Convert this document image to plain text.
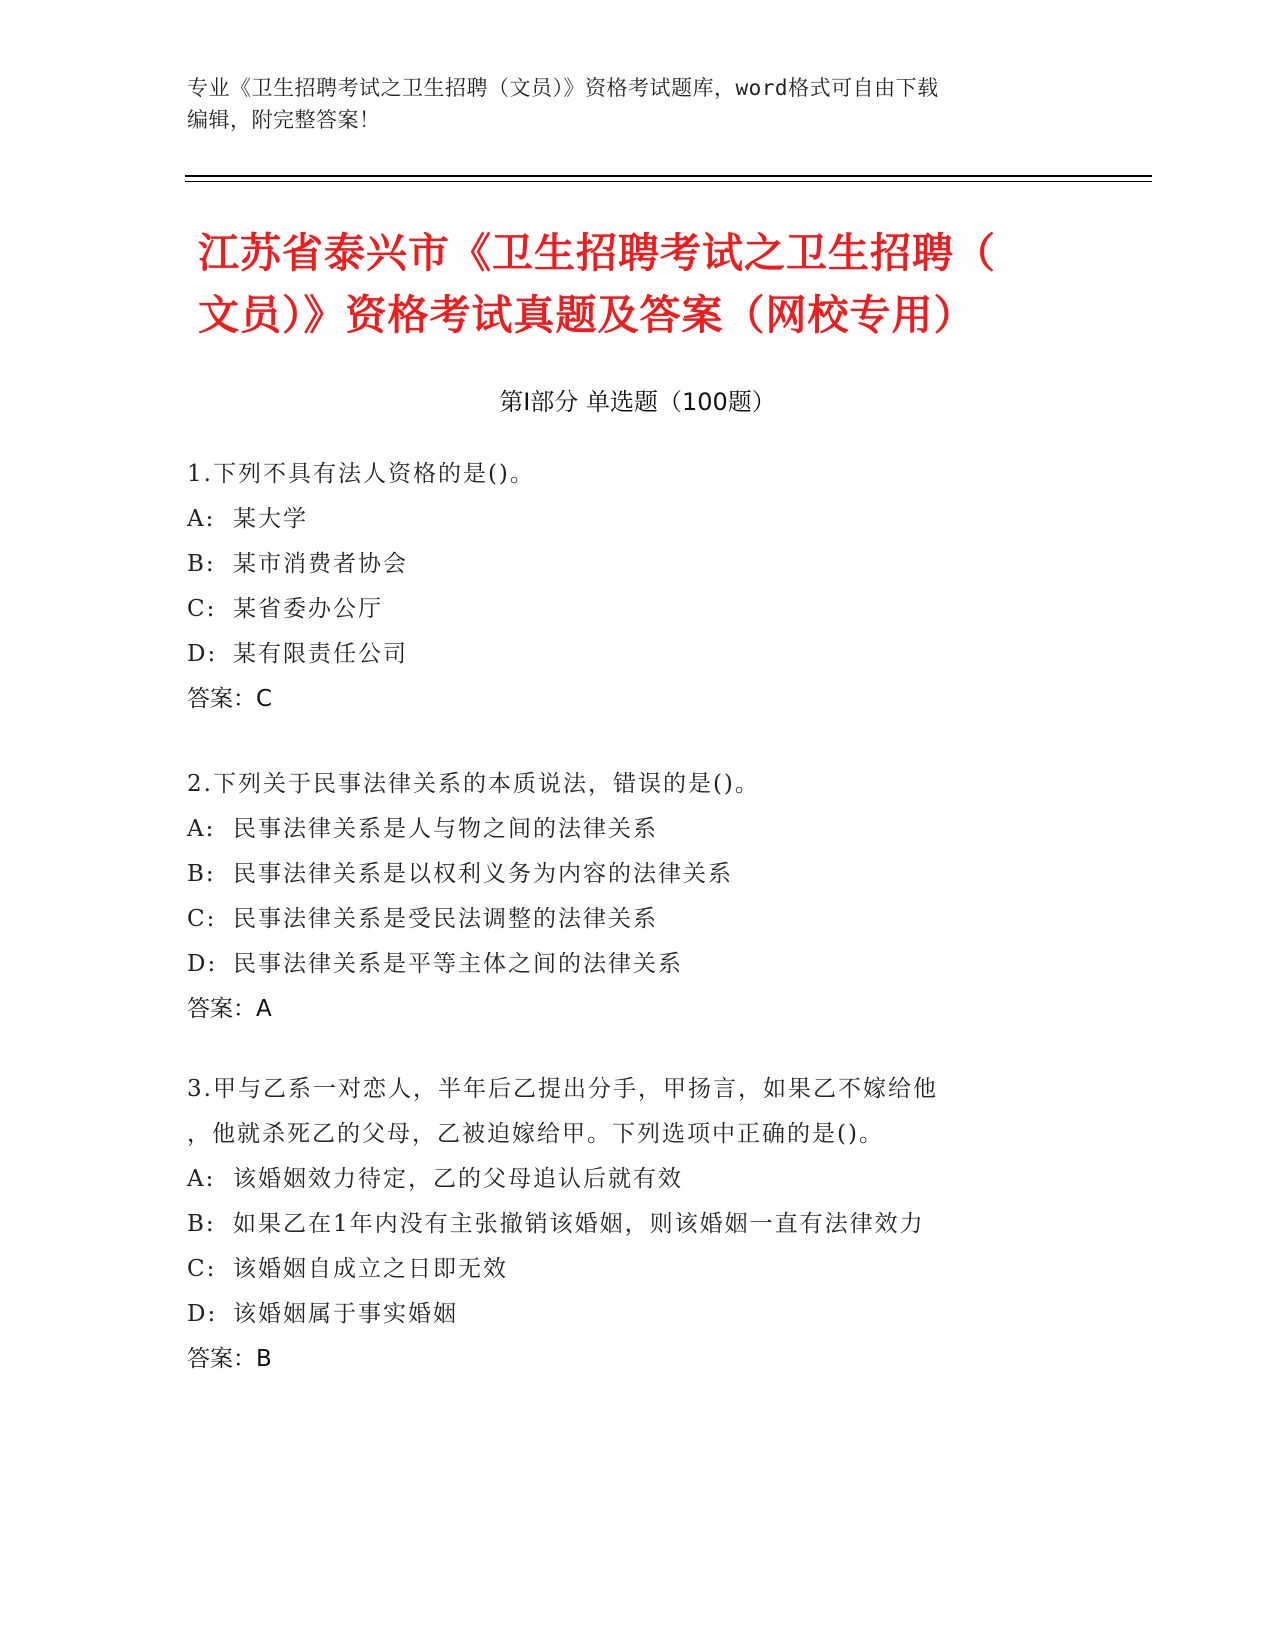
专业《卫生招聘考试之卫生招聘（文员）》资格考试题库，word格式可自由下载
编辑，附完整答案！
江苏省泰兴市《卫生招聘考试之卫生招聘（
文员）》资格考试真题及答案（网校专用）
第Ⅰ部分 单选题（100题）
1.下列不具有法人资格的是()。
A: 某大学
B: 某市消费者协会
C: 某省委办公厅
D: 某有限责任公司
答案：C
2.下列关于民事法律关系的本质说法，错误的是()。
A: 民事法律关系是人与物之间的法律关系
B: 民事法律关系是以权利义务为内容的法律关系
C: 民事法律关系是受民法调整的法律关系
D: 民事法律关系是平等主体之间的法律关系
答案：A
3.甲与乙系一对恋人，半年后乙提出分手，甲扬言，如果乙不嫁给他
，他就杀死乙的父母，乙被迫嫁给甲。下列选项中正确的是()。
A: 该婚姻效力待定，乙的父母追认后就有效
B: 如果乙在1年内没有主张撤销该婚姻，则该婚姻一直有法律效力
C: 该婚姻自成立之日即无效
D: 该婚姻属于事实婚姻
答案：B
